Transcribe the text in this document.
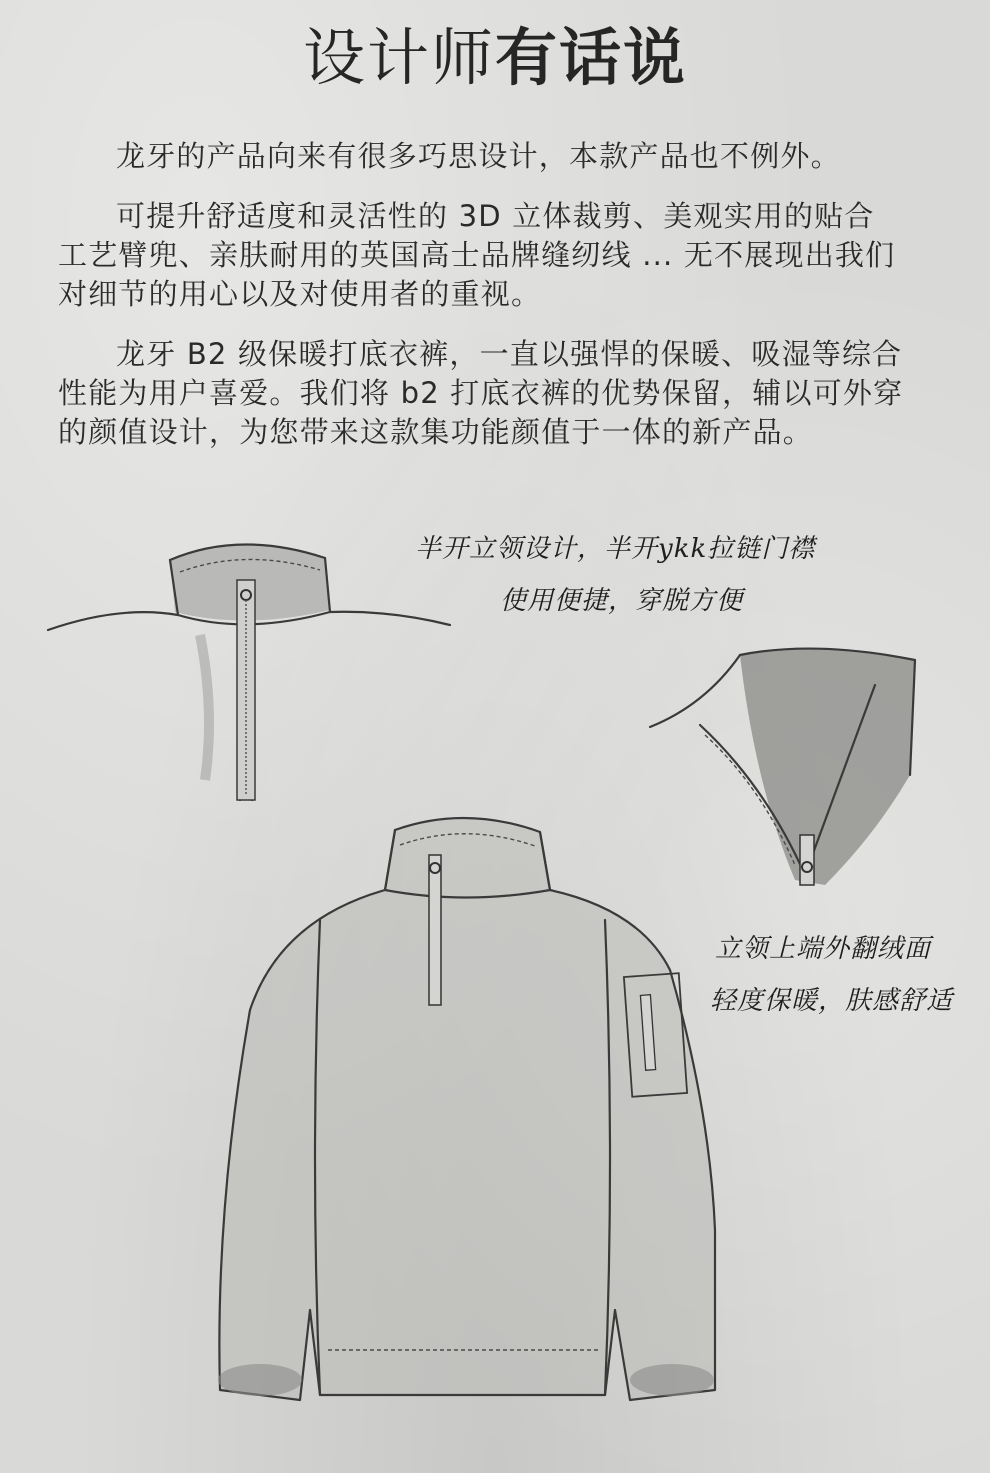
设计师有话说

龙牙的产品向来有很多巧思设计，本款产品也不例外。

可提升舒适度和灵活性的 3D 立体裁剪、美观实用的贴合工艺臂兜、亲肤耐用的英国高士品牌缝纫线 ... 无不展现出我们对细节的用心以及对使用者的重视。

龙牙 B2 级保暖打底衣裤，一直以强悍的保暖、吸湿等综合性能为用户喜爱。我们将 b2 打底衣裤的优势保留，辅以可外穿的颜值设计，为您带来这款集功能颜值于一体的新产品。

半开立领设计，半开ykk拉链门襟
使用便捷，穿脱方便
立领上端外翻绒面
轻度保暖，肤感舒适
